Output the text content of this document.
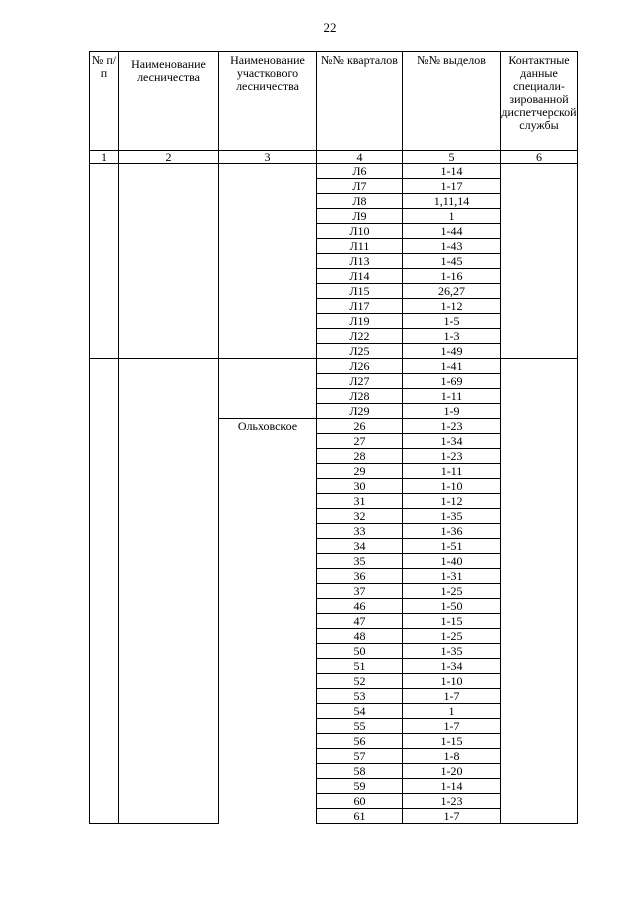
22
№ п/п	Наименование лесничества	Наименование участкового лесничества	№№ кварталов	№№ выделов	Контактные данные специали-зированной диспетчерской службы
1	2	3	4	5	6
			Л6	1-14	
			Л7	1-17	
			Л8	1,11,14	
			Л9	1	
			Л10	1-44	
			Л11	1-43	
			Л13	1-45	
			Л14	1-16	
			Л15	26,27	
			Л17	1-12	
			Л19	1-5	
			Л22	1-3	
			Л25	1-49	
			Л26	1-41	
			Л27	1-69	
			Л28	1-11	
			Л29	1-9	
		Ольховское	26	1-23	
			27	1-34	
			28	1-23	
			29	1-11	
			30	1-10	
			31	1-12	
			32	1-35	
			33	1-36	
			34	1-51	
			35	1-40	
			36	1-31	
			37	1-25	
			46	1-50	
			47	1-15	
			48	1-25	
			50	1-35	
			51	1-34	
			52	1-10	
			53	1-7	
			54	1	
			55	1-7	
			56	1-15	
			57	1-8	
			58	1-20	
			59	1-14	
			60	1-23	
			61	1-7	
